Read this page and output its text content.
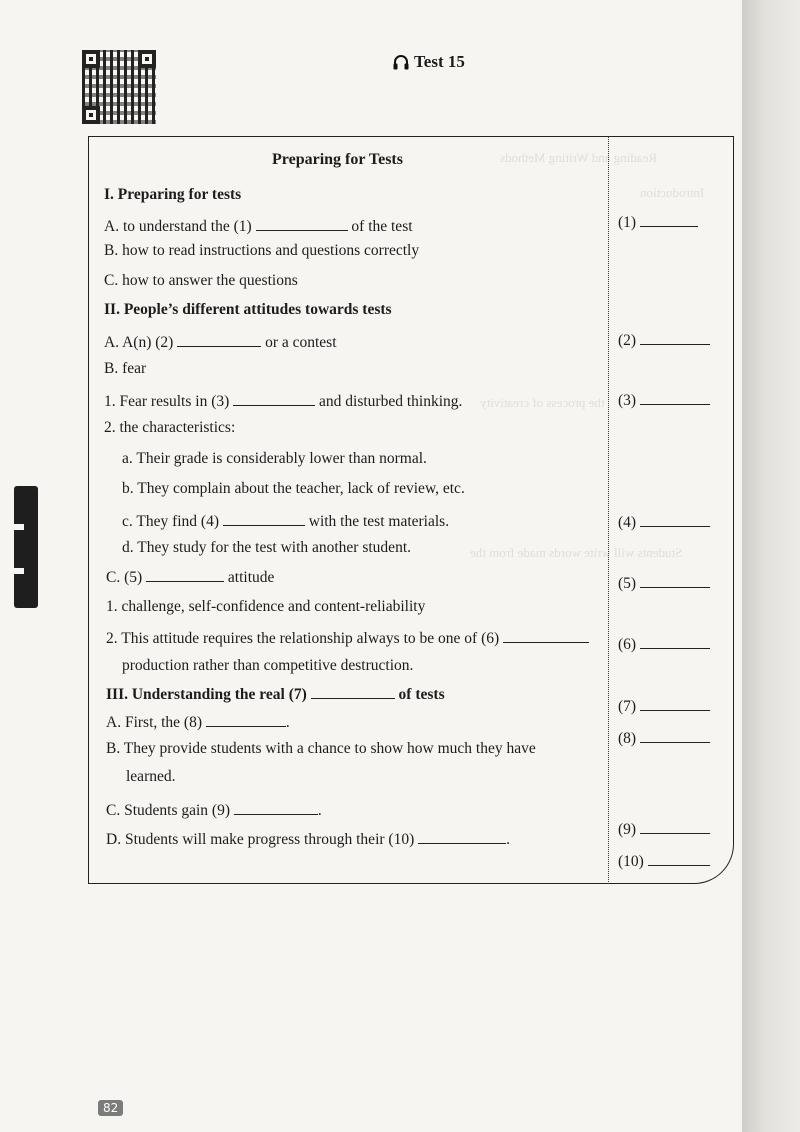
Reading and Writing Methods
Introduction
the process of creativity
Students will write words made from the
Test 15
Preparing for Tests
I. Preparing for tests
A. to understand the (1)	of the test
B. how to read instructions and questions correctly
C. how to answer the questions
II. People’s different attitudes towards tests
A. A(n) (2)	or a contest
B. fear
1. Fear results in (3)	and disturbed thinking.
2. the characteristics:
a. Their grade is considerably lower than normal.
b. They complain about the teacher, lack of review, etc.
c. They find (4)	with the test materials.
d. They study for the test with another student.
C. (5)	attitude
1. challenge, self-confidence and content-reliability
2. This attitude requires the relationship always to be one of (6)
production rather than competitive destruction.
III. Understanding the real (7)	of tests
A. First, the (8)	.
B. They provide students with a chance to show how much they have
learned.
C. Students gain (9)	.
D. Students will make progress through their (10)	.
(1)
(2)
(3)
(4)
(5)
(6)
(7)
(8)
(9)
(10)
82
